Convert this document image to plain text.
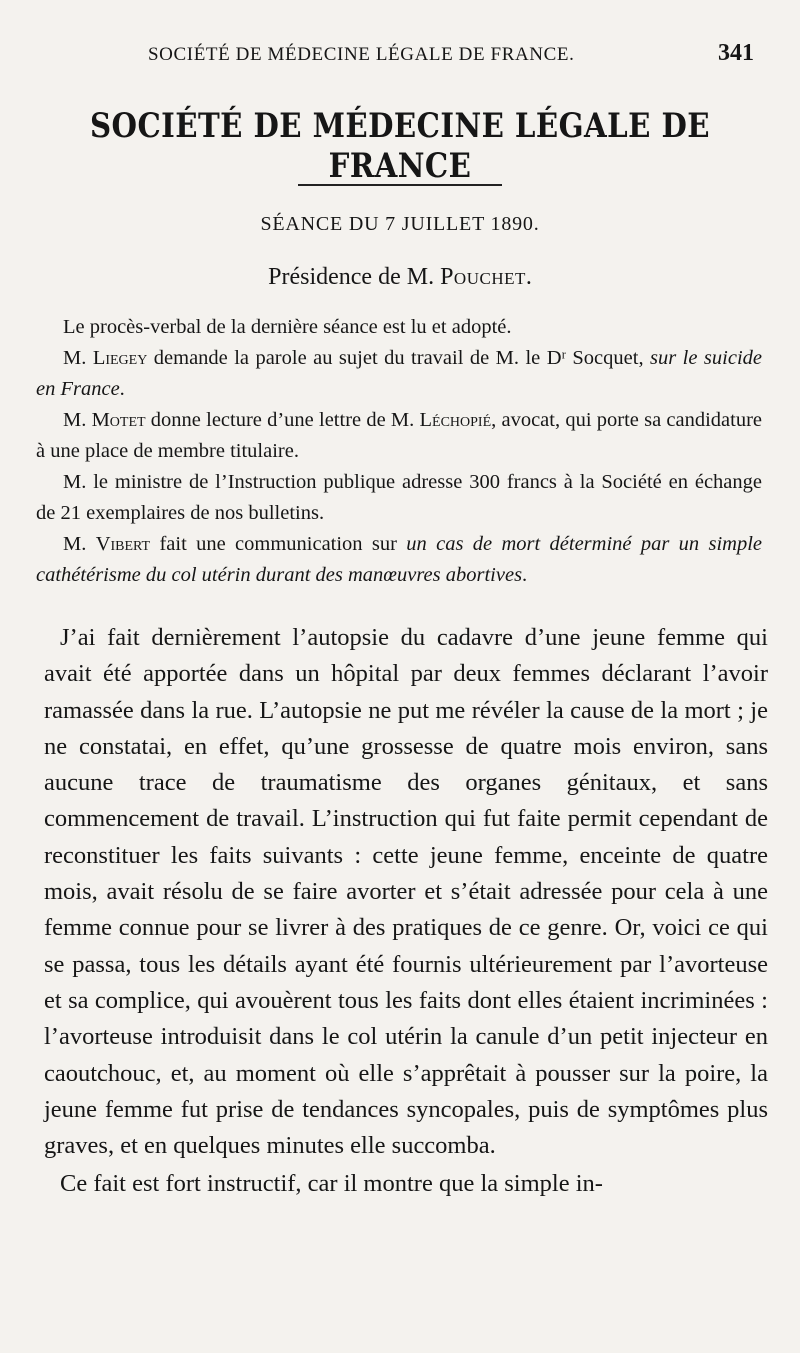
SOCIÉTÉ DE MÉDECINE LÉGALE DE FRANCE.	341
SOCIÉTÉ DE MÉDECINE LÉGALE DE FRANCE
SÉANCE DU 7 JUILLET 1890.
Présidence de M. Pouchet.

Le procès-verbal de la dernière séance est lu et adopté.

M. Liegey demande la parole au sujet du travail de M. le Dʳ Socquet, sur le suicide en France.

M. Motet donne lecture d’une lettre de M. Léchopié, avocat, qui porte sa candidature à une place de membre titulaire.

M. le ministre de l’Instruction publique adresse 300 francs à la Société en échange de 21 exemplaires de nos bulletins.

M. Vibert fait une communication sur un cas de mort déterminé par un simple cathétérisme du col utérin durant des manœuvres abortives.

J’ai fait dernièrement l’autopsie du cadavre d’une jeune femme qui avait été apportée dans un hôpital par deux femmes déclarant l’avoir ramassée dans la rue. L’autopsie ne put me révéler la cause de la mort ; je ne constatai, en effet, qu’une grossesse de quatre mois environ, sans aucune trace de traumatisme des organes génitaux, et sans commencement de travail. L’instruction qui fut faite permit cependant de reconstituer les faits suivants : cette jeune femme, enceinte de quatre mois, avait résolu de se faire avorter et s’était adressée pour cela à une femme connue pour se livrer à des pratiques de ce genre. Or, voici ce qui se passa, tous les détails ayant été fournis ultérieurement par l’avorteuse et sa complice, qui avouèrent tous les faits dont elles étaient incriminées : l’avorteuse introduisit dans le col utérin la canule d’un petit injecteur en caoutchouc, et, au moment où elle s’apprêtait à pousser sur la poire, la jeune femme fut prise de tendances syncopales, puis de symptômes plus graves, et en quelques minutes elle succomba.

Ce fait est fort instructif, car il montre que la simple in-
